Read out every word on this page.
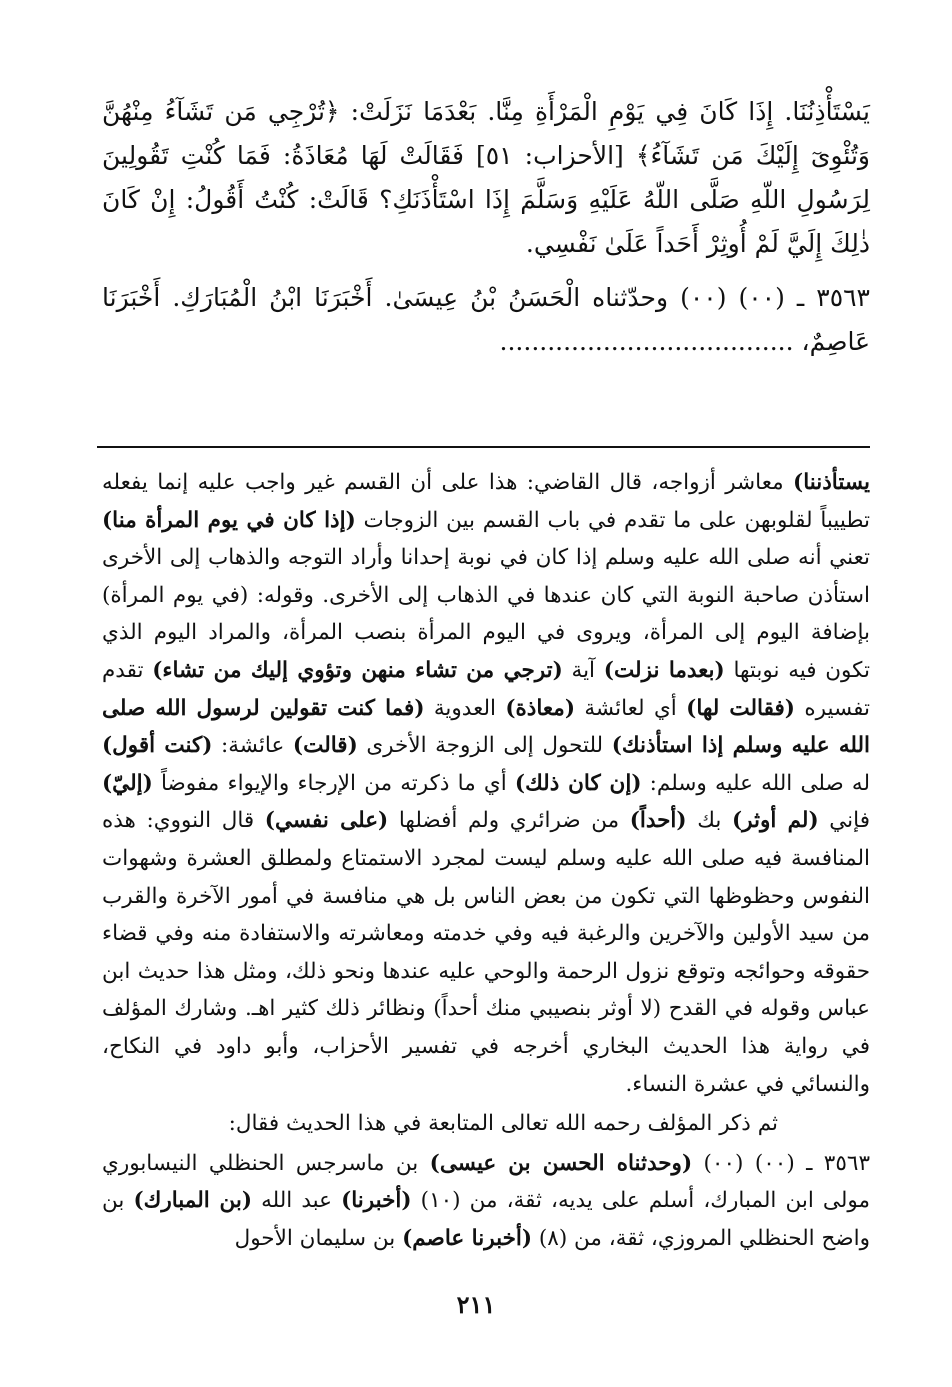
يَسْتَأْذِنُنَا. إِذَا كَانَ فِي يَوْمِ الْمَرْأَةِ مِنَّا. بَعْدَمَا نَزَلَتْ: ﴿تُرْجِي مَن تَشَآءُ مِنْهُنَّ وَتُئْوِىٓ إِلَيْكَ مَن تَشَآءُ﴾ [الأحزاب: ٥١] فَقَالَتْ لَهَا مُعَاذَةُ: فَمَا كُنْتِ تَقُولِينَ لِرَسُولِ اللّهِ صَلَّى اللّهُ عَلَيْهِ وَسَلَّمَ إِذَا اسْتَأْذَنَكِ؟ قَالَتْ: كُنْتُ أَقُولُ: إِنْ كَانَ ذٰلِكَ إِلَيَّ لَمْ أُوثِرْ أَحَداً عَلَىٰ نَفْسِي.

٣٥٦٣ ـ (٠٠) (٠٠) وحدّثناه الْحَسَنُ بْنُ عِيسَىٰ. أَخْبَرَنَا ابْنُ الْمُبَارَكِ. أَخْبَرَنَا عَاصِمٌ، .....................................

يستأذننا) معاشر أزواجه، قال القاضي: هذا على أن القسم غير واجب عليه إنما يفعله تطييباً لقلوبهن على ما تقدم في باب القسم بين الزوجات (إذا كان في يوم المرأة منا) تعني أنه صلى الله عليه وسلم إذا كان في نوبة إحدانا وأراد التوجه والذهاب إلى الأخرى استأذن صاحبة النوبة التي كان عندها في الذهاب إلى الأخرى. وقوله: (في يوم المرأة) بإضافة اليوم إلى المرأة، ويروى في اليوم المرأة بنصب المرأة، والمراد اليوم الذي تكون فيه نوبتها (بعدما نزلت) آية (ترجي من تشاء منهن وتؤوي إليك من تشاء) تقدم تفسيره (فقالت لها) أي لعائشة (معاذة) العدوية (فما كنت تقولين لرسول الله صلى الله عليه وسلم إذا استأذنك) للتحول إلى الزوجة الأخرى (قالت) عائشة: (كنت أقول) له صلى الله عليه وسلم: (إن كان ذلك) أي ما ذكرته من الإرجاء والإيواء مفوضاً (إليّ) فإني (لم أوثر) بك (أحداً) من ضرائري ولم أفضلها (على نفسي) قال النووي: هذه المنافسة فيه صلى الله عليه وسلم ليست لمجرد الاستمتاع ولمطلق العشرة وشهوات النفوس وحظوظها التي تكون من بعض الناس بل هي منافسة في أمور الآخرة والقرب من سيد الأولين والآخرين والرغبة فيه وفي خدمته ومعاشرته والاستفادة منه وفي قضاء حقوقه وحوائجه وتوقع نزول الرحمة والوحي عليه عندها ونحو ذلك، ومثل هذا حديث ابن عباس وقوله في القدح (لا أوثر بنصيبي منك أحداً) ونظائر ذلك كثير اهـ. وشارك المؤلف في رواية هذا الحديث البخاري أخرجه في تفسير الأحزاب، وأبو داود في النكاح، والنسائي في عشرة النساء.

ثم ذكر المؤلف رحمه الله تعالى المتابعة في هذا الحديث فقال:

٣٥٦٣ ـ (٠٠) (٠٠) (وحدثناه الحسن بن عيسى) بن ماسرجس الحنظلي النيسابوري مولى ابن المبارك، أسلم على يديه، ثقة، من (١٠) (أخبرنا) عبد الله (بن المبارك) بن واضح الحنظلي المروزي، ثقة، من (٨) (أخبرنا عاصم) بن سليمان الأحول

٢١١
